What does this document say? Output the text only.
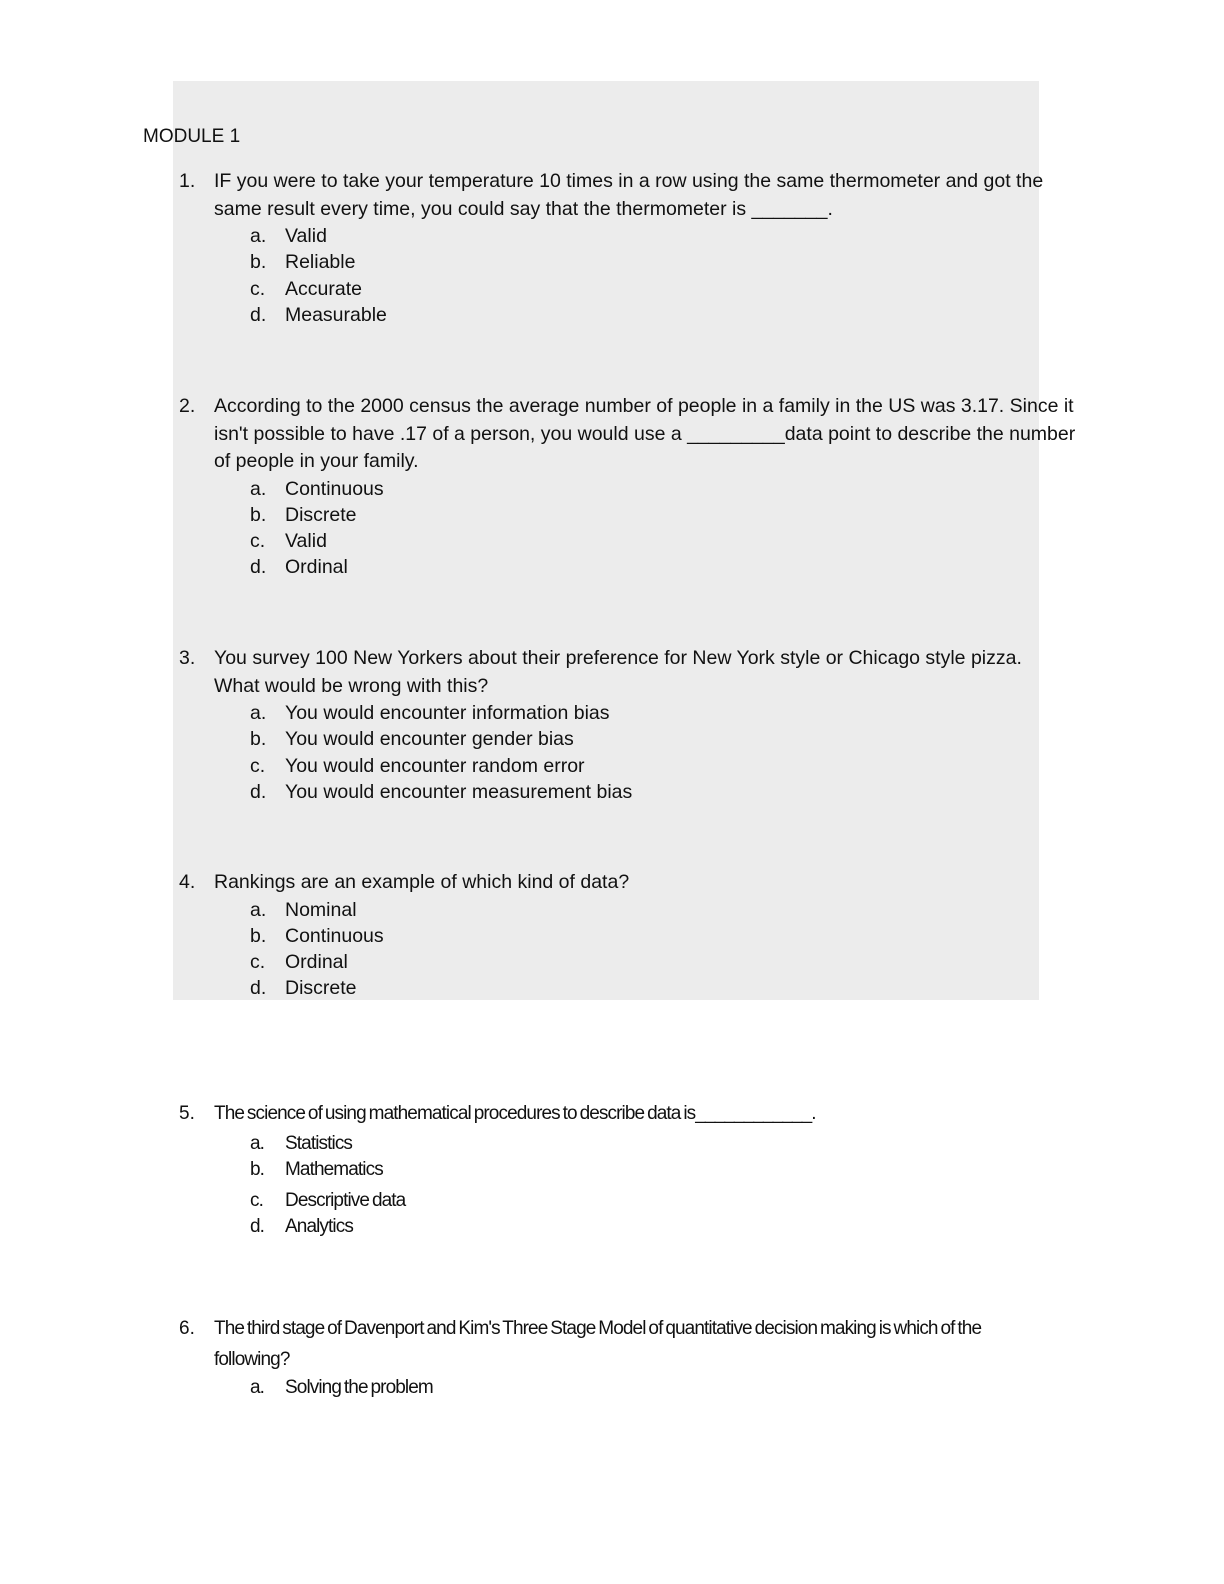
MODULE 1
1. IF you were to take your temperature 10 times in a row using the same thermometer and got the same result every time, you could say that the thermometer is _______.
a. Valid
b. Reliable
c.	Accurate
d. Measurable
2. According to the 2000 census the average number of people in a family in the US was 3.17. Since it isn't possible to have .17 of a person, you would use a _________data point to describe the number of people in your family.
a. Continuous
b. Discrete
c.	Valid
d. Ordinal
3. You survey 100 New Yorkers about their preference for New York style or Chicago style pizza. What would be wrong with this?
a. You would encounter information bias
b. You would encounter gender bias
c.	You would encounter random error
d. You would encounter measurement bias
4. Rankings are an example of which kind of data?
a. Nominal
b. Continuous
c.	Ordinal
d. Discrete
5.	The science of using mathematical procedures to describe data is____________.
a.	Statistics
b.	Mathematics
c.	Descriptive data
d.	Analytics
6.	The third stage of Davenport and Kim's Three Stage Model of quantitative decision making is which of the following?
a.	Solving the problem
